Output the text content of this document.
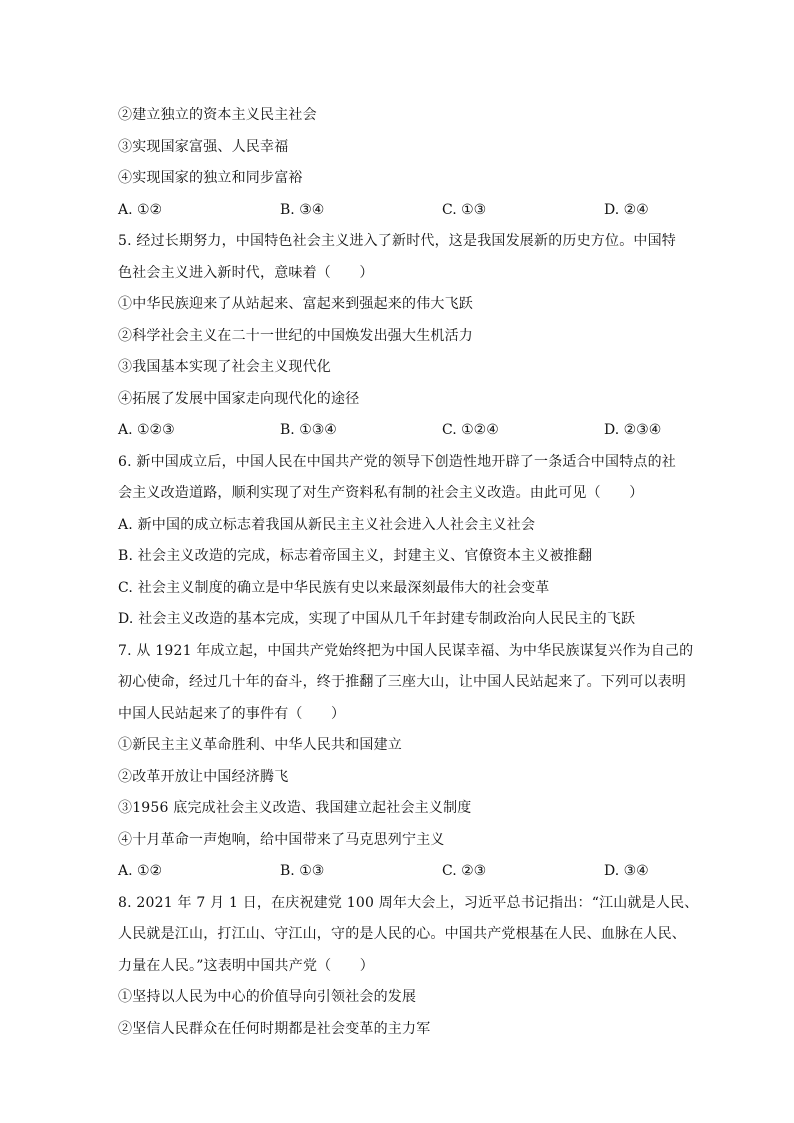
②建立独立的资本主义民主社会
③实现国家富强、人民幸福
④实现国家的独立和同步富裕
A. ①②	B. ③④	C. ①③	D. ②④
5. 经过长期努力，中国特色社会主义进入了新时代，这是我国发展新的历史方位。中国特
色社会主义进入新时代，意味着（　　）
①中华民族迎来了从站起来、富起来到强起来的伟大飞跃
②科学社会主义在二十一世纪的中国焕发出强大生机活力
③我国基本实现了社会主义现代化
④拓展了发展中国家走向现代化的途径
A. ①②③	B. ①③④	C. ①②④	D. ②③④
6. 新中国成立后，中国人民在中国共产党的领导下创造性地开辟了一条适合中国特点的社
会主义改造道路，顺利实现了对生产资料私有制的社会主义改造。由此可见（　　）
A. 新中国的成立标志着我国从新民主主义社会进入人社会主义社会
B. 社会主义改造的完成，标志着帝国主义，封建主义、官僚资本主义被推翻
C. 社会主义制度的确立是中华民族有史以来最深刻最伟大的社会变革
D. 社会主义改造的基本完成，实现了中国从几千年封建专制政治向人民民主的飞跃
7. 从 1921 年成立起，中国共产党始终把为中国人民谋幸福、为中华民族谋复兴作为自己的
初心使命，经过几十年的奋斗，终于推翻了三座大山，让中国人民站起来了。下列可以表明
中国人民站起来了的事件有（　　）
①新民主主义革命胜利、中华人民共和国建立
②改革开放让中国经济腾飞
③1956 底完成社会主义改造、我国建立起社会主义制度
④十月革命一声炮响，给中国带来了马克思列宁主义
A. ①②	B. ①③	C. ②③	D. ③④
8. 2021 年 7 月 1 日，在庆祝建党 100 周年大会上，习近平总书记指出：“江山就是人民、
人民就是江山，打江山、守江山，守的是人民的心。中国共产党根基在人民、血脉在人民、
力量在人民。”这表明中国共产党（　　）
①坚持以人民为中心的价值导向引领社会的发展
②坚信人民群众在任何时期都是社会变革的主力军
